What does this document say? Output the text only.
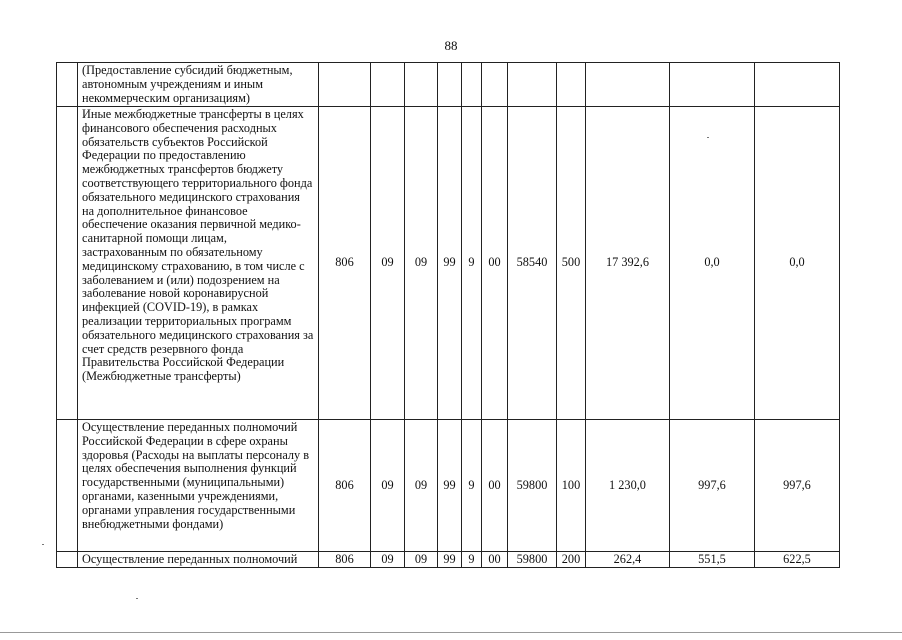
88
	(Предоставление субсидий бюджетным, автономным учреждениям и иным некоммерческим организациям)											
	Иные межбюджетные трансферты в целях финансового обеспечения расходных обязательств субъектов Российской Федерации по предоставлению межбюджетных трансфертов бюджету соответствующего территориального фонда обязательного медицинского страхования на дополнительное финансовое обеспечение оказания первичной медико-санитарной помощи лицам, застрахованным по обязательному медицинскому страхованию, в том числе с заболеванием и (или) подозрением на заболевание новой коронавирусной инфекцией (COVID-19), в рамках реализации территориальных программ обязательного медицинского страхования за счет средств резервного фонда Правительства Российской Федерации (Межбюджетные трансферты)	806	09	09	99	9	00	58540	500	17 392,6	0,0	0,0
	Осуществление переданных полномочий Российской Федерации в сфере охраны здоровья (Расходы на выплаты персоналу в целях обеспечения выполнения функций государственными (муниципальными) органами, казенными учреждениями, органами управления государственными внебюджетными фондами)	806	09	09	99	9	00	59800	100	1 230,0	997,6	997,6
	Осуществление переданных полномочий	806	09	09	99	9	00	59800	200	262,4	551,5	622,5
